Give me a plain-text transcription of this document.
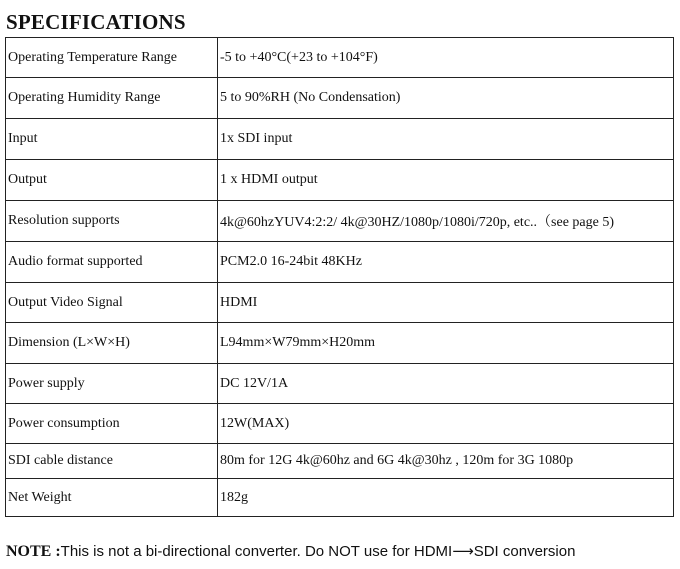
SPECIFICATIONS
Operating Temperature Range	-5 to +40°C(+23 to +104°F)
Operating Humidity Range	5 to 90%RH (No Condensation)
Input	1x SDI input
Output	1 x HDMI output
Resolution supports	4k@60hzYUV4:2:2/ 4k@30HZ/1080p/1080i/720p, etc..（see page 5)
Audio format supported	PCM2.0 16-24bit 48KHz
Output Video Signal	HDMI
Dimension (L×W×H)	L94mm×W79mm×H20mm
Power supply	DC 12V/1A
Power consumption	12W(MAX)
SDI cable distance	80m for 12G 4k@60hz and 6G 4k@30hz , 120m for 3G 1080p
Net Weight	182g
NOTE :This is not a bi-directional converter. Do NOT use for HDMI⟶SDI conversion
